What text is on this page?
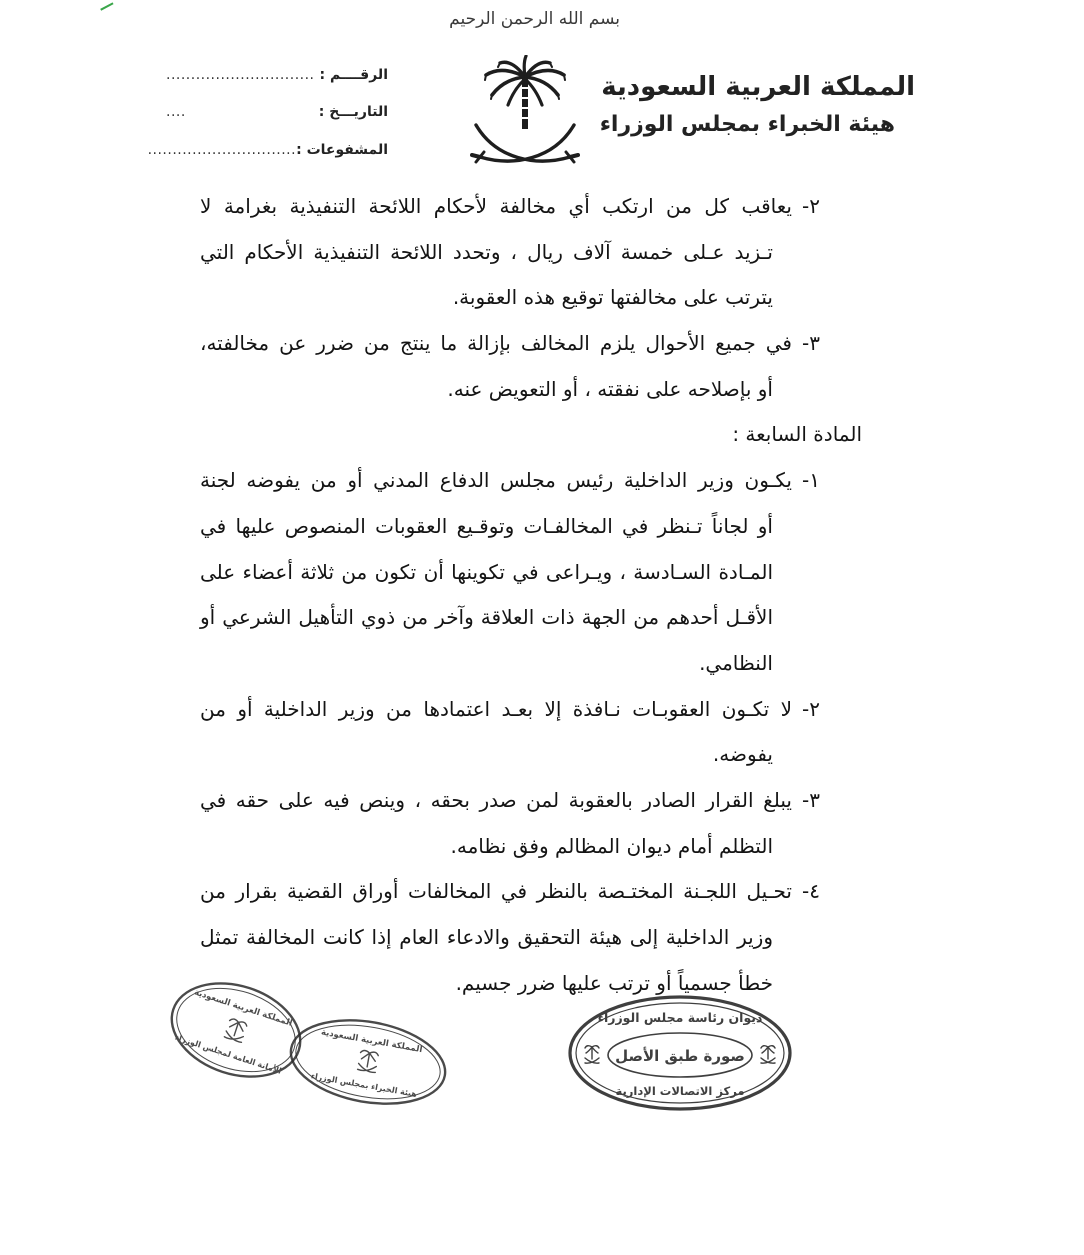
بسم الله الرحمن الرحيم
المملكة العربية السعودية
هيئة الخبراء بمجلس الوزراء
الرقــــم :
..............................
التاريـــخ :
....
المشفوعات :
..............................
٢-
يعاقب كل من ارتكب أي مخالفة لأحكام اللائحة التنفيذية بغرامة لا
تـزيد عـلى خمسة آلاف ريال ، وتحدد اللائحة التنفيذية الأحكام التي
يترتب على مخالفتها توقيع هذه العقوبة.
٣-
في جميع الأحوال يلزم المخالف بإزالة ما ينتج من ضرر عن مخالفته،
أو بإصلاحه على نفقته ، أو التعويض عنه.
المادة السابعة :
١-
يكـون وزير الداخلية رئيس مجلس الدفاع المدني أو من يفوضه لجنة
أو لجاناً تـنظر في المخالفـات وتوقـيع العقوبات المنصوص عليها في
المـادة السـادسة ، ويـراعى في تكوينها أن تكون من ثلاثة أعضاء على
الأقـل أحدهم من الجهة ذات العلاقة وآخر من ذوي التأهيل الشرعي أو
النظامي.
٢-
لا تكـون العقوبـات نـافذة إلا بعـد اعتمادها من وزير الداخلية أو من
يفوضه.
٣-
يبلغ القرار الصادر بالعقوبة لمن صدر بحقه ، وينص فيه على حقه في
التظلم أمام ديوان المظالم وفق نظامه.
٤-
تحـيل اللجـنة المختـصة بالنظر في المخالفات أوراق القضية بقرار من
وزير الداخلية إلى هيئة التحقيق والادعاء العام إذا كانت المخالفة تمثل
خطأ جسمياً أو ترتب عليها ضرر جسيم.
المملكة العربية السعودية
الأمانة العامة لمجلس الوزراء	المملكة العربية السعودية
هيئة الخبراء بمجلس الوزراء
ديوان رئاسة مجلس الوزراء
صورة طبق الأصل
مركز الاتصالات الإدارية
